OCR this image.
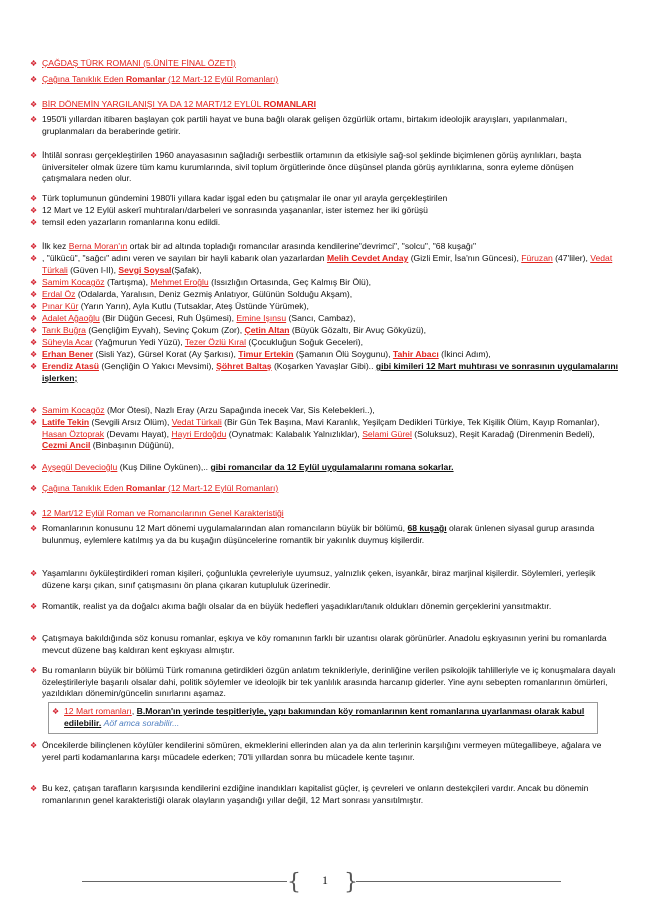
❖ ÇAĞDAŞ TÜRK ROMANI (5.ÜNİTE FİNAL ÖZETİ)
❖ Çağına Tanıklık Eden Romanlar (12 Mart-12 Eylül Romanları)
❖ BİR DÖNEMİN YARGILANIŞI YA DA 12 MART/12 EYLÜL ROMANLARI
❖ 1950'li yıllardan itibaren başlayan çok partili hayat ve buna bağlı olarak gelişen özgürlük ortamı, birtakım ideolojik arayışları, yapılanmaları, gruplanmaları da beraberinde getirir.
❖ İhtilâl sonrası gerçekleştirilen 1960 anayasasının sağladığı serbestlik ortamının da etkisiyle sağ-sol şeklinde biçimlenen görüş ayrılıkları, başta üniversiteler olmak üzere tüm kamu kurumlarında, sivil toplum örgütlerinde önce düşünsel planda görüş ayrılıklarına, sonra eyleme dönüşen çatışmalara neden olur.
❖ Türk toplumunun gündemini 1980'li yıllara kadar işgal eden bu çatışmalar ile onar yıl arayla gerçekleştirilen
❖ 12 Mart ve 12 Eylül askerî muhtıraları/darbeleri ve sonrasında yaşananlar, ister istemez her iki görüşü
❖ temsil eden yazarların romanlarına konu edildi.
❖ İlk kez Berna Moran'ın ortak bir ad altında topladığı romancılar arasında kendilerine"devrimci", "solcu", "68 kuşağı"
❖ , "ülkücü", "sağcı" adını veren ve sayıları bir hayli kabarık olan yazarlardan Melih Cevdet Anday (Gizli Emir, İsa'nın Güncesi), Füruzan (47'liler), Vedat Türkali (Güven I-II), Sevgi Soysal(Şafak),
❖ Samim Kocagöz (Tartışma), Mehmet Eroğlu (Issızlığın Ortasında, Geç Kalmış Bir Ölü),
❖ Erdal Öz (Odalarda, Yaralısın, Deniz Gezmiş Anlatıyor, Gülünün Solduğu Akşam),
❖ Pınar Kür (Yarın Yarın), Ayla Kutlu (Tutsaklar, Ateş Üstünde Yürümek),
❖ Adalet Ağaoğlu (Bir Düğün Gecesi, Ruh Üşümesi), Emine Işınsu (Sancı, Cambaz),
❖ Tarık Buğra (Gençliğim Eyvah), Sevinç Çokum (Zor), Çetin Altan (Büyük Gözaltı, Bir Avuç Gökyüzü),
❖ Süheyla Acar (Yağmurun Yedi Yüzü), Tezer Özlü Kıral (Çocukluğun Soğuk Geceleri),
❖ Erhan Bener (Sisli Yaz), Gürsel Korat (Ay Şarkısı), Timur Ertekin (Şamanın Ölü Soygunu), Tahir Abacı (İkinci Adım),
❖ Erendiz Atasü (Gençliğin O Yakıcı Mevsimi), Şöhret Baltaş (Koşarken Yavaşlar Gibi).. gibi kimileri 12 Mart muhtırası ve sonrasının uygulamalarını işlerken;
❖ Samim Kocagöz (Mor Ötesi), Nazlı Eray (Arzu Sapağında inecek Var, Sis Kelebekleri..),
❖ Latife Tekin (Sevgili Arsız Ölüm), Vedat Türkali (Bir Gün Tek Başına, Mavi Karanlık, Yeşilçam Dedikleri Türkiye, Tek Kişilik Ölüm, Kayıp Romanlar), Hasan Öztoprak (Devamı Hayat), Hayri Erdoğdu (Oynatmak: Kalabalık Yalnızlıklar), Selami Gürel (Soluksuz), Reşit Karadağ (Direnmenin Bedeli), Cezmi Ancil (Binbaşının Düğünü),
❖ Ayşegül Devecioğlu (Kuş Diline Öykünen),.. gibi romancılar da 12 Eylül uygulamalarını romana sokarlar.
❖ Çağına Tanıklık Eden Romanlar (12 Mart-12 Eylül Romanları)
❖ 12 Mart/12 Eylül Roman ve Romancılarının Genel Karakteristiği
❖ Romanlarının konusunu 12 Mart dönemi uygulamalarından alan romancıların büyük bir bölümü, 68 kuşağı olarak ünlenen siyasal gurup arasında bulunmuş, eylemlere katılmış ya da bu kuşağın düşüncelerine romantik bir yakınlık duymuş kişilerdir.
❖ Yaşamlarını öyküleştirdikleri roman kişileri, çoğunlukla çevreleriyle uyumsuz, yalnızlık çeken, isyankâr, biraz marjinal kişilerdir. Söylemleri, yerleşik düzene karşı çıkan, sınıf çatışmasını ön plana çıkaran kutupluluk üzerinedir.
❖ Romantik, realist ya da doğalcı akıma bağlı olsalar da en büyük hedefleri yaşadıkları/tanık oldukları dönemin gerçeklerini yansıtmaktır.
❖ Çatışmaya bakıldığında söz konusu romanlar, eşkıya ve köy romanının farklı bir uzantısı olarak görünürler. Anadolu eşkıyasının yerini bu romanlarda mevcut düzene baş kaldıran kent eşkıyası almıştır.
❖ Bu romanların büyük bir bölümü Türk romanına getirdikleri özgün anlatım teknikleriyle, derinliğine verilen psikolojik tahlilleriyle ve iç konuşmalara dayalı özeleştirileriyle başarılı olsalar dahi, politik söylemler ve ideolojik bir tek yanlılık arasında harcanıp giderler. Yine aynı sebepten romanlarının ömürleri, yazıldıkları dönemin/güncelin sınırlarını aşamaz.
❖ 12 Mart romanları, B.Moran'ın yerinde tespitleriyle, yapı bakımından köy romanlarının kent romanlarına uyarlanması olarak kabul edilebilir. Aöf amca sorabilir...
❖ Öncekilerde bilinçlenen köylüler kendilerini sömüren, ekmeklerini ellerinden alan ya da alın terlerinin karşılığını vermeyen mütegallibeye, ağalara ve yerel parti kodamanlarına karşı mücadele ederken; 70'li yıllardan sonra bu mücadele kente taşınır.
❖ Bu kez, çatışan tarafların karşısında kendilerini ezdiğine inandıkları kapitalist güçler, iş çevreleri ve onların destekçileri vardır. Ancak bu dönemin romanlarının genel karakteristiği olarak olayların yaşandığı yıllar değil, 12 Mart sonrası yansıtılmıştır.
{ }
1
